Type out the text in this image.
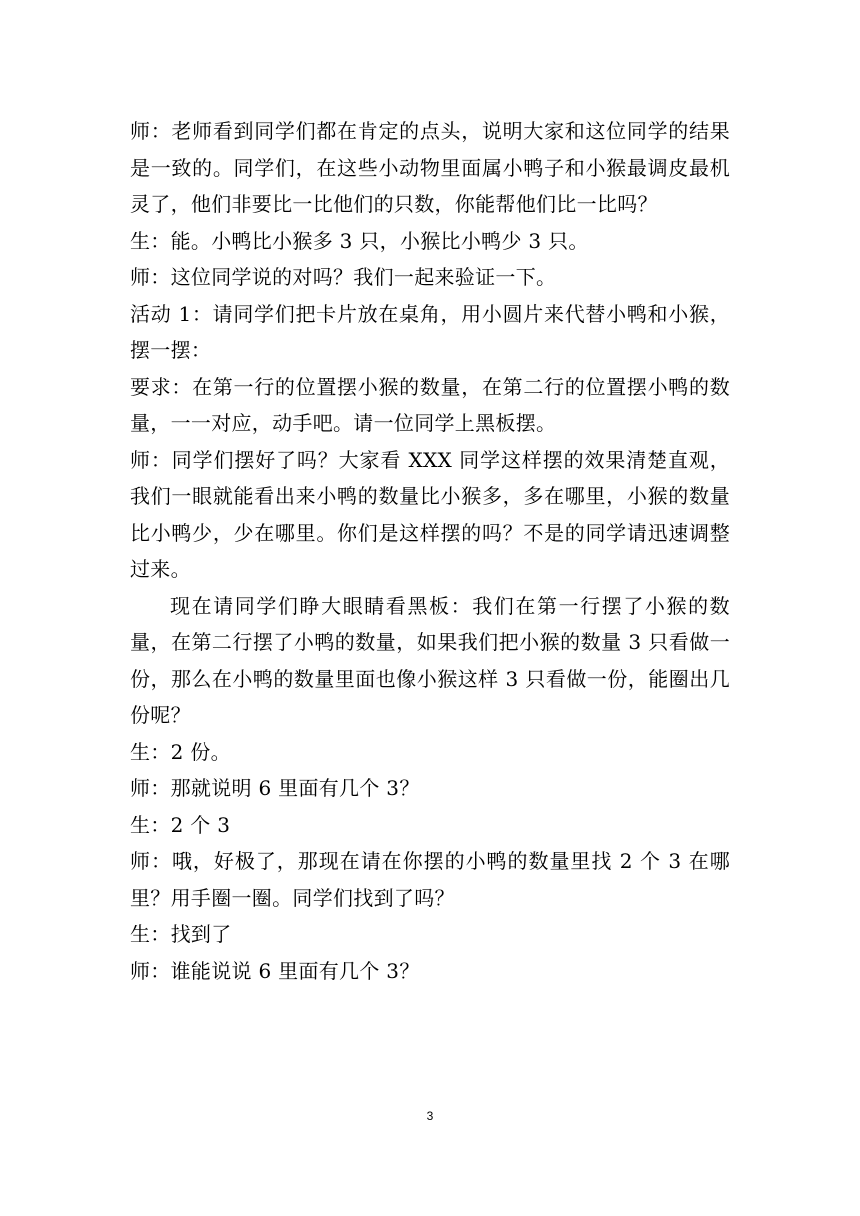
师：老师看到同学们都在肯定的点头，说明大家和这位同学的结果是一致的。同学们，在这些小动物里面属小鸭子和小猴最调皮最机灵了，他们非要比一比他们的只数，你能帮他们比一比吗？

生：能。小鸭比小猴多 3 只，小猴比小鸭少 3 只。

师：这位同学说的对吗？我们一起来验证一下。

活动 1：请同学们把卡片放在桌角，用小圆片来代替小鸭和小猴，摆一摆：

要求：在第一行的位置摆小猴的数量，在第二行的位置摆小鸭的数量，一一对应，动手吧。请一位同学上黑板摆。

师：同学们摆好了吗？大家看 XXX 同学这样摆的效果清楚直观，我们一眼就能看出来小鸭的数量比小猴多，多在哪里，小猴的数量比小鸭少，少在哪里。你们是这样摆的吗？不是的同学请迅速调整过来。

现在请同学们睁大眼睛看黑板：我们在第一行摆了小猴的数量，在第二行摆了小鸭的数量，如果我们把小猴的数量 3 只看做一份，那么在小鸭的数量里面也像小猴这样 3 只看做一份，能圈出几份呢？

生：2 份。

师：那就说明 6 里面有几个 3？

生：2 个 3

师：哦，好极了，那现在请在你摆的小鸭的数量里找 2 个 3 在哪里？用手圈一圈。同学们找到了吗？

生：找到了

师：谁能说说 6 里面有几个 3？

3
